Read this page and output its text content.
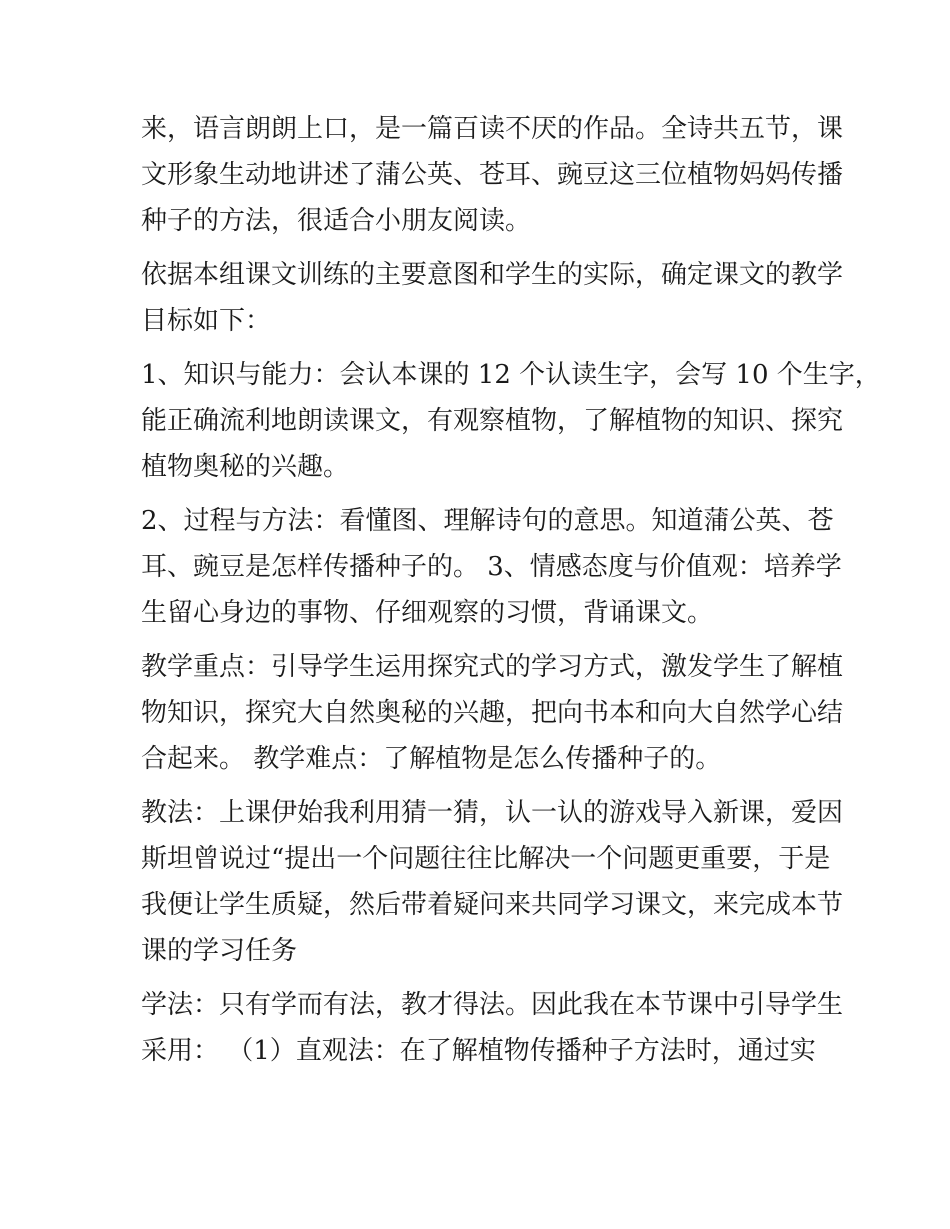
来，语言朗朗上口，是一篇百读不厌的作品。全诗共五节，课
文形象生动地讲述了蒲公英、苍耳、豌豆这三位植物妈妈传播
种子的方法，很适合小朋友阅读。
依据本组课文训练的主要意图和学生的实际，确定课文的教学
目标如下：
1、知识与能力：会认本课的 12 个认读生字，会写 10 个生字，
能正确流利地朗读课文，有观察植物，了解植物的知识、探究
植物奥秘的兴趣。
2、过程与方法：看懂图、理解诗句的意思。知道蒲公英、苍
耳、豌豆是怎样传播种子的。 3、情感态度与价值观：培养学
生留心身边的事物、仔细观察的习惯，背诵课文。
教学重点：引导学生运用探究式的学习方式，激发学生了解植
物知识，探究大自然奥秘的兴趣，把向书本和向大自然学心结
合起来。 教学难点：了解植物是怎么传播种子的。
教法：上课伊始我利用猜一猜，认一认的游戏导入新课，爱因
斯坦曾说过“提出一个问题往往比解决一个问题更重要，于是
我便让学生质疑，然后带着疑问来共同学习课文，来完成本节
课的学习任务
学法：只有学而有法，教才得法。因此我在本节课中引导学生
采用： （1）直观法：在了解植物传播种子方法时，通过实
